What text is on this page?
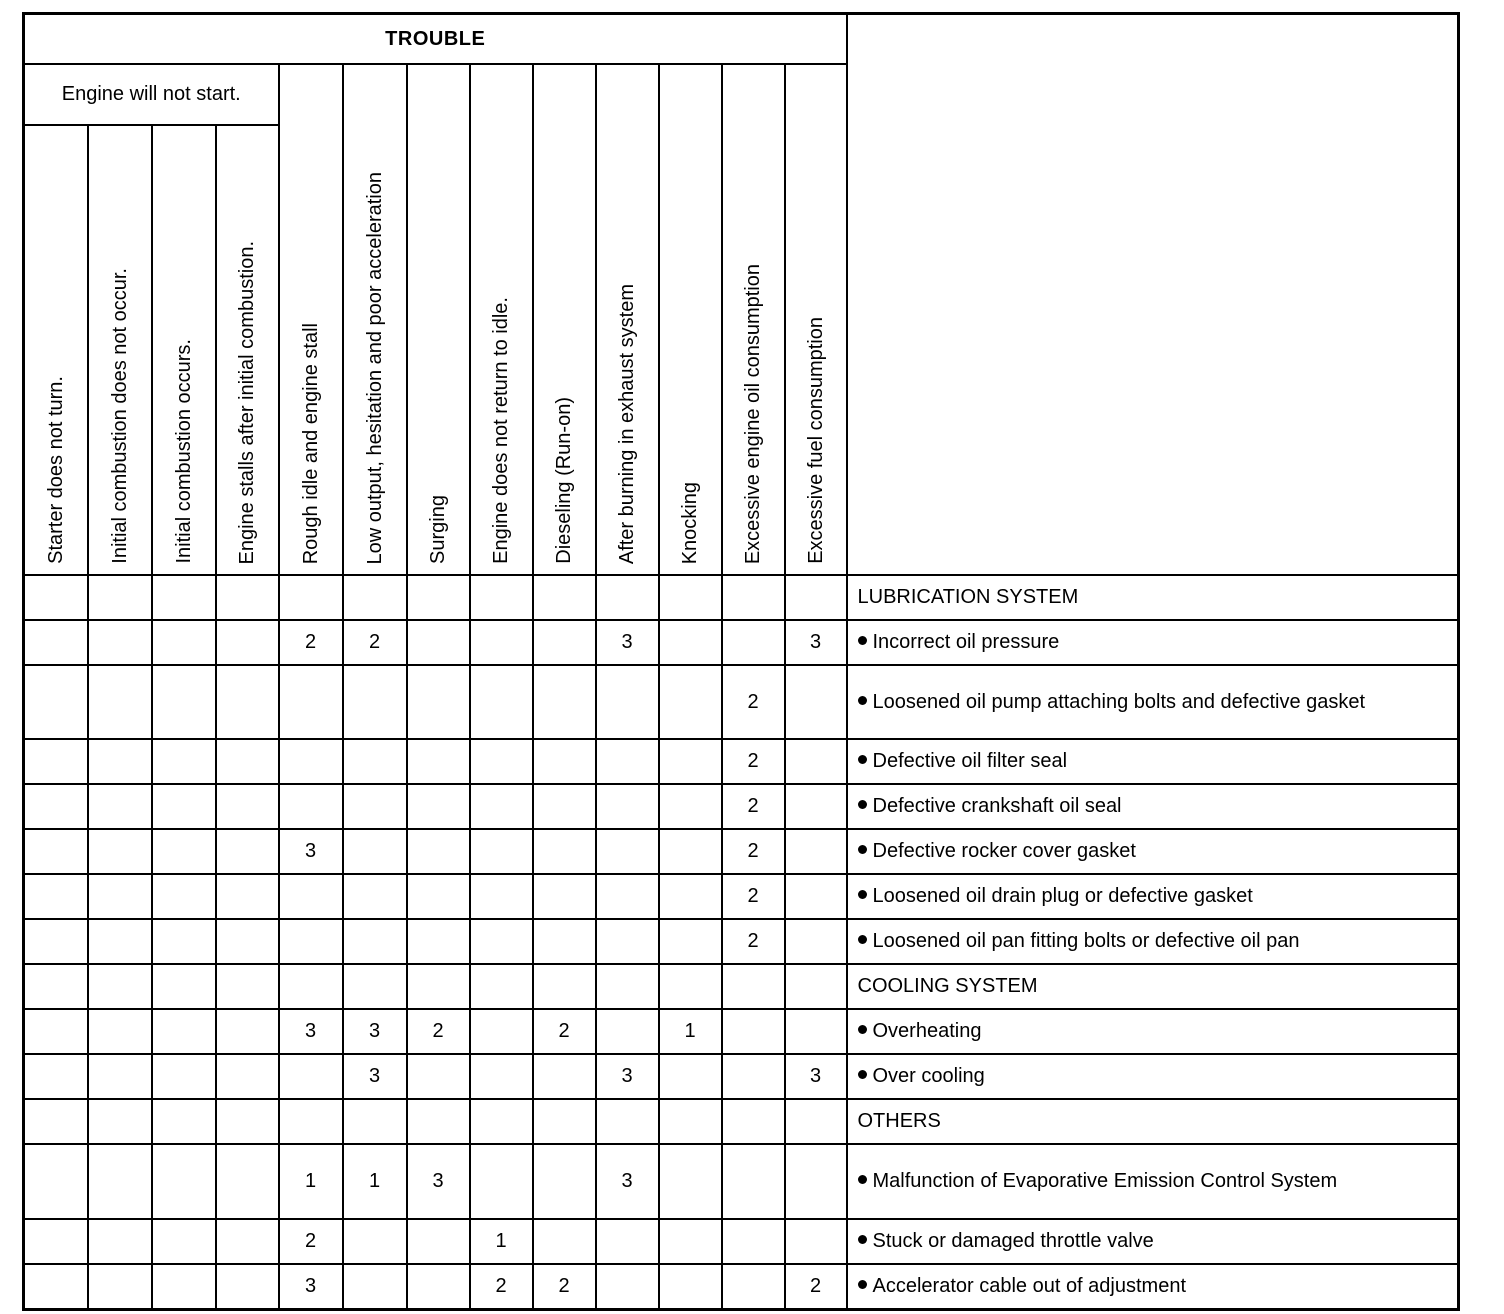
TROUBLE													
Engine will not start.				Rough idle and engine stall	Low output, hesitation and poor acceleration	Surging	Engine does not return to idle.	Dieseling (Run-on)	After burning in exhaust system	Knocking	Excessive engine oil consumption	Excessive fuel consumption	

Starter does not turn.	Initial combustion does not occur.	Initial combustion occurs.	Engine stalls after initial combustion.										

													LUBRICATION SYSTEM
				2	2				3			3	Incorrect oil pressure
											2		Loosened oil pump attaching bolts and defective gasket
											2		Defective oil filter seal
											2		Defective crankshaft oil seal
				3							2		Defective rocker cover gasket
											2		Loosened oil drain plug or defective gasket
											2		Loosened oil pan fitting bolts or defective oil pan
													COOLING SYSTEM
				3	3	2		2		1			Overheating
					3				3			3	Over cooling
													OTHERS
				1	1	3			3				Malfunction of Evaporative Emission Control System
				2			1						Stuck or damaged throttle valve
				3			2	2				2	Accelerator cable out of adjustment
